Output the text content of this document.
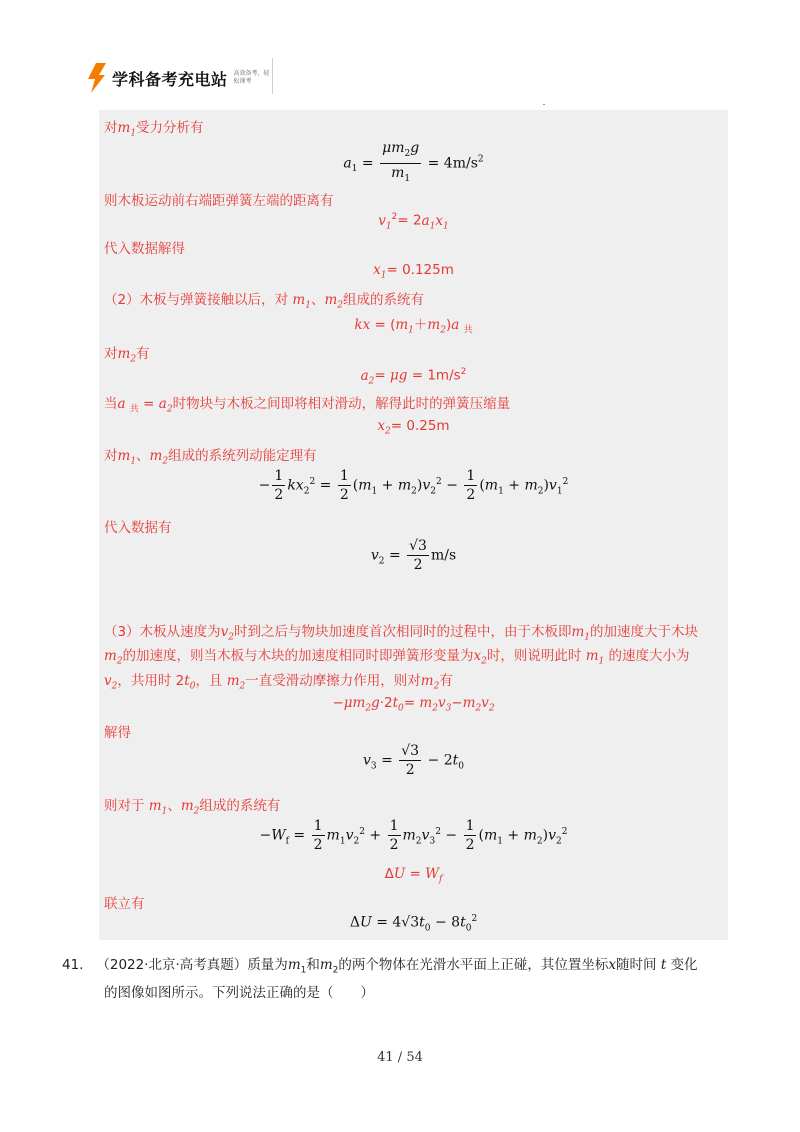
学科备考充电站 高效备考，轻松课考
对$m_1$受力分析有
$a_1 = \frac{\mu m_2g}{m_1} = 4m/s^2$
则木板运动前右端距弹簧左端的距离有
$v_1^2= 2a_1x_1$
代入数据解得
$x_1= 0.125m$
（2）木板与弹簧接触以后，对 $m_1$、$m_2$组成的系统有
kx = $(m_1+m_2)a$ $_共$
对$m_2$有
$a_2= \mu g = 1m/s^2$
当a $_共 = a_2$时物块与木板之间即将相对滑动，解得此时的弹簧压缩量
$x_2= 0.25m$
对$m_1$、$m_2$组成的系统列动能定理有
− $\frac{1}{2} kx_2^2 = \frac{1}{2} (m_1 + m_2)v_2^2 - \frac{1}{2} (m_1 + m_2)v_1^2$
代入数据有
$v_2 = \frac{√3}{2} m/s$
（3）木板从速度为$v_2$时到之后与物块加速度首次相同时的过程中，由于木板即$m_1$的加速度大于木块
$m_2$的加速度，则当木板与木块的加速度相同时即弹簧形变量为$x_2$时，则说明此时 $m_1$ 的速度大小为
$v_2$，共用时 $2t_0$，且 $m_2$一直受滑动摩擦力作用，则对$m_2$有
$-\mu m_2g\cdot 2t_0= m_2v_3-m_2v_2$
解得
$v_3 = \frac{√3}{2} - 2t_0$
则对于 $m_1$、$m_2$组成的系统有
$-W_f = \frac{1}{2} m_1v_2^2 + \frac{1}{2} m_2v_3^2 - \frac{1}{2} (m_1 + m_2)v_2^2$
$\Delta U = W_f$
联立有
$\Delta U = 4√3t_0 - 8t_0^2$
41. （2022·北京·高考真题）质量为$m_1$和$m_2$的两个物体在光滑水平面上正碰，其位置坐标x随时间 t 变化
的图像如图所示。下列说法正确的是（　　）
41 / 54
